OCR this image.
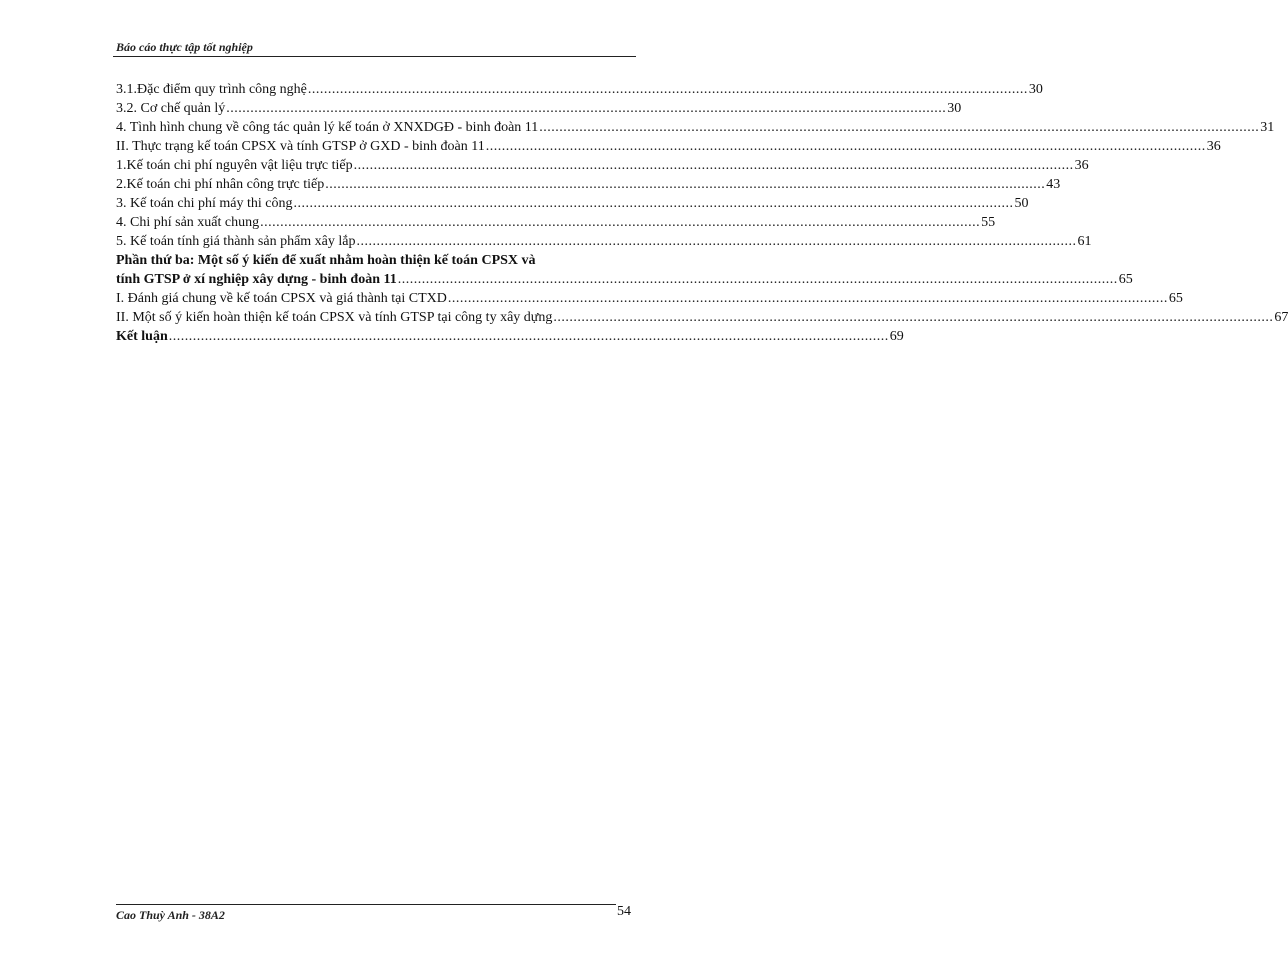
Báo cáo thực tập tốt nghiệp
3.1.Đặc điểm quy trình công nghệ .................................................................................................................................................................................... 30
3.2. Cơ chế quản lý .................................................................................................................................................................................... 30
4. Tình hình chung về công tác quản lý kế toán ở XNXDGĐ - binh đoàn 11 .................................................................................................................................................................................... 31
II. Thực trạng kế toán CPSX và tính GTSP ở GXD - binh đoàn 11 .................................................................................................................................................................................... 36
1.Kế toán chi phí nguyên vật liệu trực tiếp .................................................................................................................................................................................... 36
2.Kế toán chi phí nhân công trực tiếp .................................................................................................................................................................................... 43
3. Kế toán chi phí máy thi công .................................................................................................................................................................................... 50
4. Chi phí sản xuất chung .................................................................................................................................................................................... 55
5. Kế toán tính giá thành sản phẩm xây lắp .................................................................................................................................................................................... 61
Phần thứ ba: Một số ý kiến để xuất nhằm hoàn thiện kế toán CPSX và
tính GTSP ở xí nghiệp xây dựng - binh đoàn 11 .................................................................................................................................................................................... 65
I. Đánh giá chung về kế toán CPSX và giá thành tại CTXD .................................................................................................................................................................................... 65
II. Một số ý kiến hoàn thiện kế toán CPSX và tính GTSP tại công ty xây dựng .................................................................................................................................................................................... 67
Kết luận .................................................................................................................................................................................... 69
Cao Thuỳ Anh - 38A2	54
